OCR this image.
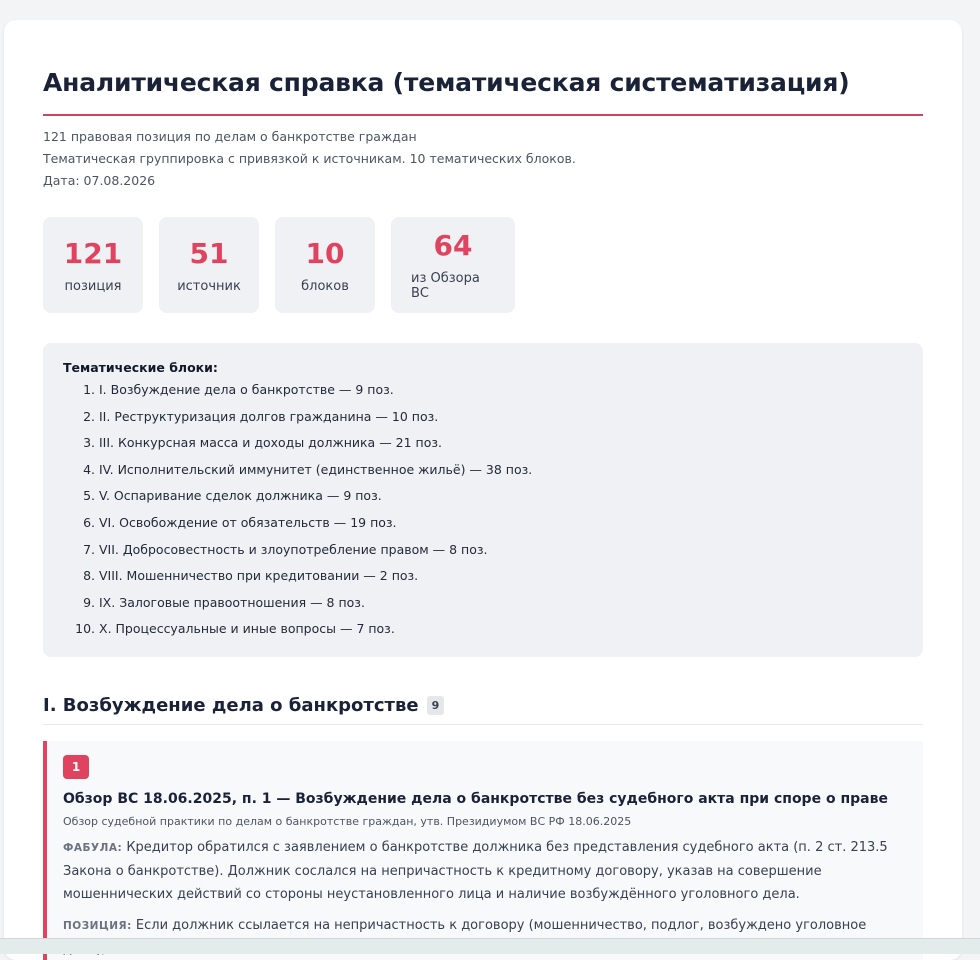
Аналитическая справка (тематическая систематизация)
121 правовая позиция по делам о банкротстве граждан
Тематическая группировка с привязкой к источникам. 10 тематических блоков.
Дата: 07.08.2026
121
позиция
51
источник
10
блоков
64
из Обзора ВС
Тематические блоки:
1. I. Возбуждение дела о банкротстве — 9 поз.
2. II. Реструктуризация долгов гражданина — 10 поз.
3. III. Конкурсная масса и доходы должника — 21 поз.
4. IV. Исполнительский иммунитет (единственное жильё) — 38 поз.
5. V. Оспаривание сделок должника — 9 поз.
6. VI. Освобождение от обязательств — 19 поз.
7. VII. Добросовестность и злоупотребление правом — 8 поз.
8. VIII. Мошенничество при кредитовании — 2 поз.
9. IX. Залоговые правоотношения — 8 поз.
10. X. Процессуальные и иные вопросы — 7 поз.
I. Возбуждение дела о банкротстве	9
1
Обзор ВС 18.06.2025, п. 1 — Возбуждение дела о банкротстве без судебного акта при споре о праве
Обзор судебной практики по делам о банкротстве граждан, утв. Президиумом ВС РФ 18.06.2025
ФАБУЛА: Кредитор обратился с заявлением о банкротстве должника без представления судебного акта (п. 2 ст. 213.5 Закона о банкротстве). Должник сослался на непричастность к кредитному договору, указав на совершение мошеннических действий со стороны неустановленного лица и наличие возбуждённого уголовного дела.
ПОЗИЦИЯ: Если должник ссылается на непричастность к договору (мошенничество, подлог, возбуждено уголовное
